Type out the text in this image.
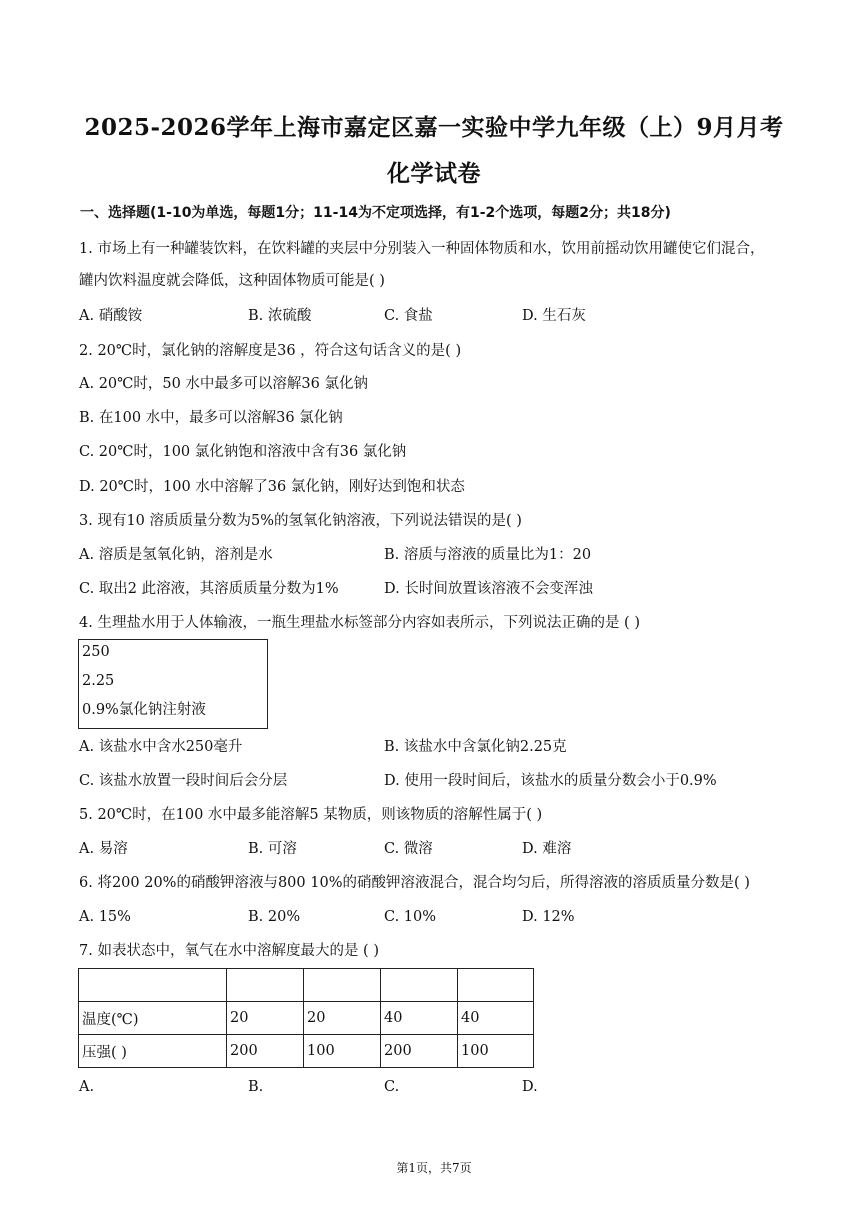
2025-2026学年上海市嘉定区嘉一实验中学九年级（上）9月月考
化学试卷
一、选择题(1-10为单选，每题1分；11-14为不定项选择，有1-2个选项，每题2分；共18分)
1. 市场上有一种罐装饮料，在饮料罐的夹层中分别装入一种固体物质和水，饮用前摇动饮用罐使它们混合，
罐内饮料温度就会降低，这种固体物质可能是( )
A. 硝酸铵	B. 浓硫酸	C. 食盐	D. 生石灰
2. 20℃时，氯化钠的溶解度是36 ，符合这句话含义的是( )
A. 20℃时，50 水中最多可以溶解36 氯化钠
B. 在100 水中，最多可以溶解36 氯化钠
C. 20℃时，100 氯化钠饱和溶液中含有36 氯化钠
D. 20℃时，100 水中溶解了36 氯化钠，刚好达到饱和状态
3. 现有10 溶质质量分数为5%的氢氧化钠溶液，下列说法错误的是( )
A. 溶质是氢氧化钠，溶剂是水	B. 溶质与溶液的质量比为1：20
C. 取出2 此溶液，其溶质质量分数为1%	D. 长时间放置该溶液不会变浑浊
4. 生理盐水用于人体输液，一瓶生理盐水标签部分内容如表所示，下列说法正确的是 ( )
250
2.25
0.9%氯化钠注射液
A. 该盐水中含水250毫升	B. 该盐水中含氯化钠2.25克
C. 该盐水放置一段时间后会分层	D. 使用一段时间后，该盐水的质量分数会小于0.9%
5. 20℃时，在100 水中最多能溶解5 某物质，则该物质的溶解性属于( )
A. 易溶	B. 可溶	C. 微溶	D. 难溶
6. 将200 20%的硝酸钾溶液与800 10%的硝酸钾溶液混合，混合均匀后，所得溶液的溶质质量分数是( )
A. 15%	B. 20%	C. 10%	D. 12%
7. 如表状态中，氧气在水中溶解度最大的是 ( )

温度(℃)	20	20	40	40
压强( )	200	100	200	100
A.	B.	C.	D.
第1页，共7页
